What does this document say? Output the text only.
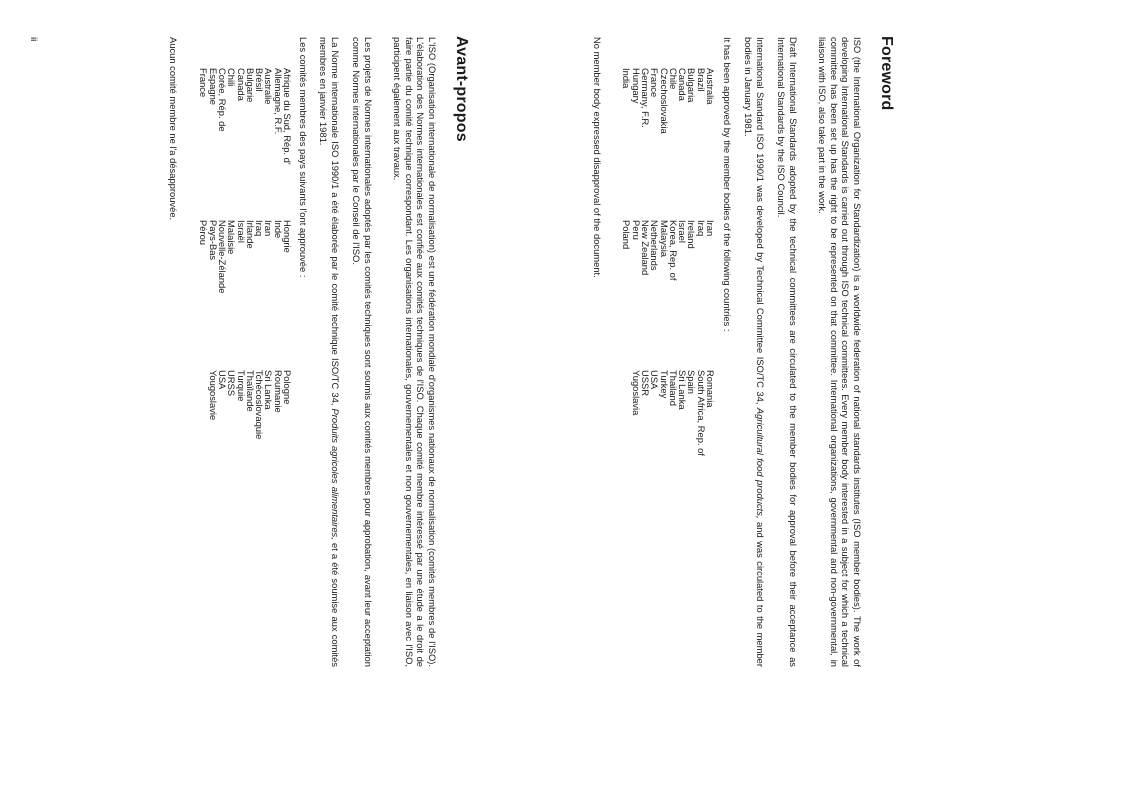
Foreword

ISO (the International Organization for Standardization) is a worldwide federation of national standards institutes (ISO member bodies). The work of developing International Standards is carried out through ISO technical committees. Every member body interested in a subject for which a technical committee has been set up has the right to be represented on that committee. International organizations, governmental and non-governmental, in liaison with ISO, also take part in the work.

Draft International Standards adopted by the technical committees are circulated to the member bodies for approval before their acceptance as International Standards by the ISO Council.

International Standard ISO 1990/1 was developed by Technical Committee ISO/TC 34, Agricultural food products, and was circulated to the member bodies in January 1981.

It has been approved by the member bodies of the following countries :

Australia
Brazil
Bulgaria
Canada
Chile
Czechoslovakia
France
Germany, F.R.
Hungary
India
Iran
Iraq
Ireland
Israel
Korea, Rep. of
Malaysia
Netherlands
New Zealand
Peru
Poland
Romania
South Africa, Rep. of
Spain
Sri Lanka
Thailand
Turkey
USA
USSR
Yugoslavia

No member body expressed disapproval of the document.

Avant-propos

L'ISO (Organisation internationale de normalisation) est une fédération mondiale d'organismes nationaux de normalisation (comités membres de l'ISO). L'élaboration des Normes internationales est confiée aux comités techniques de l'ISO. Chaque comité membre intéressé par une étude a le droit de faire partie du comité technique correspondant. Les organisations internationales, gouvernementales et non gouvernementales, en liaison avec l'ISO, participent également aux travaux.

Les projets de Normes internationales adoptés par les comités techniques sont soumis aux comités membres pour approbation, avant leur acceptation comme Normes internationales par le Conseil de l'ISO.

La Norme internationale ISO 1990/1 a été élaborée par le comité technique ISO/TC 34, Produits agricoles alimentaires, et a été soumise aux comités membres en janvier 1981.

Les comités membres des pays suivants l'ont approuvée :

Afrique du Sud, Rép. d'
Allemagne, R.F.
Australie
Brésil
Bulgarie
Canada
Chili
Corée, Rép. de
Espagne
France
Hongrie
Inde
Iran
Iraq
Irlande
Israël
Malaisie
Nouvelle-Zélande
Pays-Bas
Pérou
Pologne
Roumanie
Sri Lanka
Tchécoslovaquie
Thaïlande
Turquie
URSS
USA
Yougoslavie

Aucun comité membre ne l'a désapprouvée.

ii
